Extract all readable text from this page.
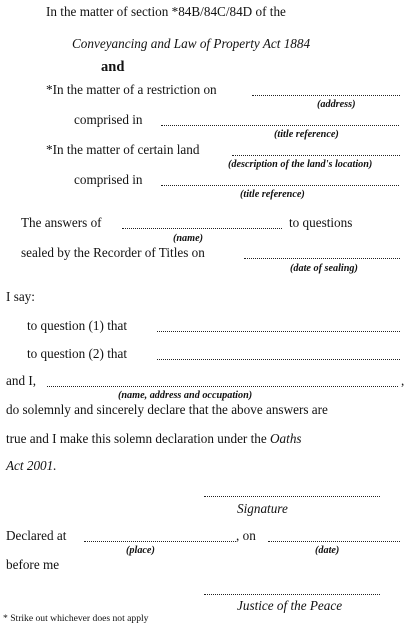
In the matter of section *84B/84C/84D of the
Conveyancing and Law of Property Act 1884
and
*In the matter of a restriction on
(address)
comprised in
(title reference)
*In the matter of certain land
(description of the land's location)
comprised in
(title reference)
The answers of	to questions
(name)
sealed by the Recorder of Titles on
(date of sealing)
I say:
to question (1) that
to question (2) that
and I,	,
(name, address and occupation)
do solemnly and sincerely declare that the above answers are
true and I make this solemn declaration under the Oaths
Act 2001.
Signature
Declared at	, on
(place)	(date)
before me
Justice of the Peace
* Strike out whichever does not apply
